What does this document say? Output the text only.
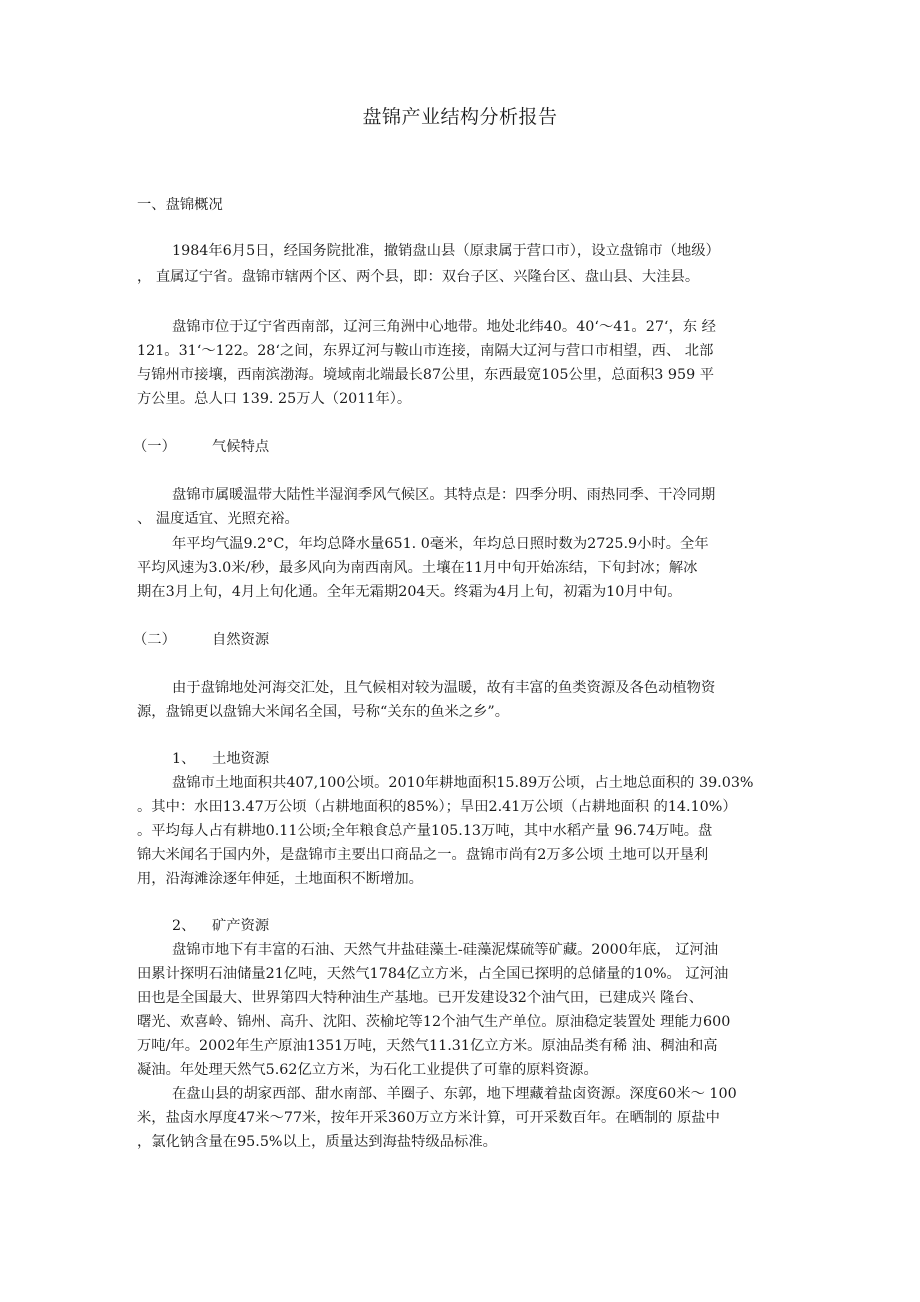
盘锦产业结构分析报告

一、盘锦概况

1984年6月5日，经国务院批准，撤销盘山县（原隶属于营口市），设立盘锦市（地级）

， 直属辽宁省。盘锦市辖两个区、两个县，即：双台子区、兴隆台区、盘山县、大洼县。

盘锦市位于辽宁省西南部，辽河三角洲中心地带。地处北纬40。40‘～41。27‘，东 经

121。31‘～122。28‘之间，东界辽河与鞍山市连接，南隔大辽河与营口市相望，西、 北部

与锦州市接壤，西南滨渤海。境域南北端最长87公里，东西最宽105公里，总面积3 959 平

方公里。总人口 139. 25万人（2011年）。

（一）	气候特点

盘锦市属暖温带大陆性半湿润季风气候区。其特点是：四季分明、雨热同季、干冷同期

、 温度适宜、光照充裕。

年平均气温9.2°C，年均总降水量651. 0毫米，年均总日照时数为2725.9小时。全年

平均风速为3.0米/秒，最多风向为南西南风。土壤在11月中旬开始冻结，下旬封冰；解冰

期在3月上旬，4月上旬化通。全年无霜期204天。终霜为4月上旬，初霜为10月中旬。

（二）	自然资源

由于盘锦地处河海交汇处，且气候相对较为温暖，故有丰富的鱼类资源及各色动植物资

源，盘锦更以盘锦大米闻名全国，号称“关东的鱼米之乡”。

1、 土地资源

盘锦市土地面积共407,100公顷。2010年耕地面积15.89万公顷，占土地总面积的 39.03%

。其中：水田13.47万公顷（占耕地面积的85%）；旱田2.41万公顷（占耕地面积 的14.10%）

。平均每人占有耕地0.11公顷;全年粮食总产量105.13万吨，其中水稻产量 96.74万吨。盘

锦大米闻名于国内外，是盘锦市主要出口商品之一。盘锦市尚有2万多公顷 土地可以开垦利

用，沿海滩涂逐年伸延，土地面积不断增加。

2、 矿产资源

盘锦市地下有丰富的石油、天然气井盐硅藻土-硅藻泥煤硫等矿藏。2000年底， 辽河油

田累计探明石油储量21亿吨，天然气1784亿立方米，占全国已探明的总储量的10%。 辽河油

田也是全国最大、世界第四大特种油生产基地。已开发建设32个油气田，已建成兴 隆台、

曙光、欢喜岭、锦州、高升、沈阳、茨榆坨等12个油气生产单位。原油稳定装置处 理能力600

万吨/年。2002年生产原油1351万吨，天然气11.31亿立方米。原油品类有稀 油、稠油和高

凝油。年处理天然气5.62亿立方米，为石化工业提供了可靠的原料资源。

在盘山县的胡家西部、甜水南部、羊圈子、东郭，地下埋藏着盐卤资源。深度60米～ 100

米，盐卤水厚度47米～77米，按年开采360万立方米计算，可开采数百年。在晒制的 原盐中

，氯化钠含量在95.5%以上，质量达到海盐特级品标准。
